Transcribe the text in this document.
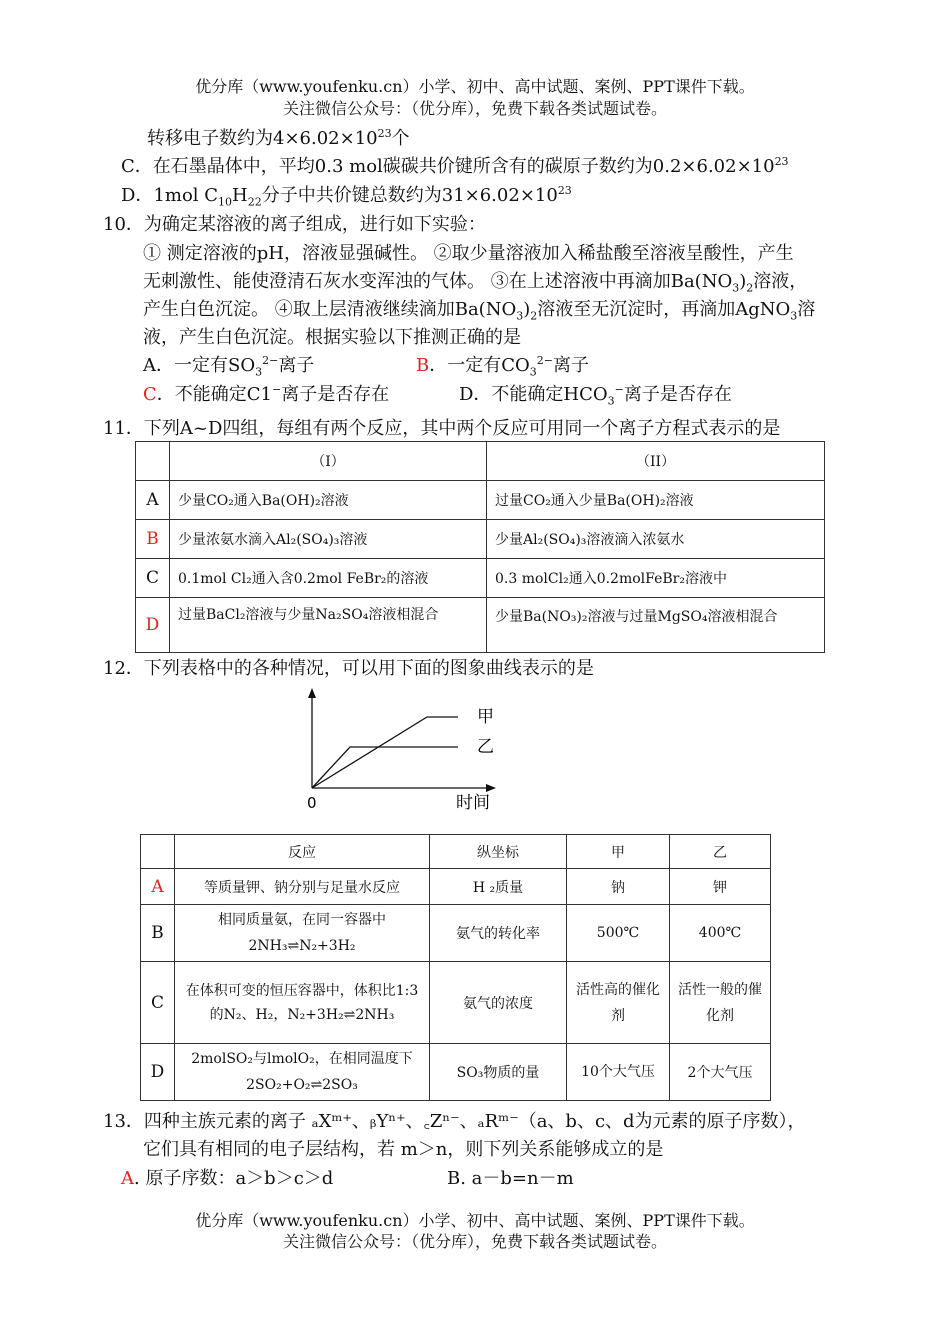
优分库（www.youfenku.cn）小学、初中、高中试题、案例、PPT课件下载。
关注微信公众号：（优分库），免费下载各类试题试卷。
转移电子数约为$4\times 6.02\times 10^{23}$个
C．在石墨晶体中，平均0.3 mol碳碳共价键所含有的碳原子数约为$0.2\times 6.02\times 10^{23}$
D．1mol $C_{10}H_{22}$分子中共价键总数约为$31\times 6.02\times 10^{23}$
10．为确定某溶液的离子组成，进行如下实验：
① 测定溶液的pH，溶液显强碱性。 ②取少量溶液加入稀盐酸至溶液呈酸性，产生
无刺激性、能使澄清石灰水变浑浊的气体。 ③在上述溶液中再滴加$Ba(NO_3)_2$溶液，
产生白色沉淀。 ④取上层清液继续滴加$Ba(NO_3)_2$溶液至无沉淀时，再滴加AgNO$_3$溶
液，产生白色沉淀。根据实验以下推测正确的是
A．一定有$SO_3^{2-}$离子	B．一定有$CO_3^{2-}$离子
C．不能确定C1−离子是否存在	D．不能确定$HCO_3^-$离子是否存在
11．下列A~D四组，每组有两个反应，其中两个反应可用同一个离子方程式表示的是
	（I）	（II）
A	少量CO₂通入Ba(OH)₂溶液	过量CO₂通入少量Ba(OH)₂溶液
B	少量浓氨水滴入Al₂(SO₄)₃溶液	少量Al₂(SO₄)₃溶液滴入浓氨水
C	0.1mol Cl₂通入含0.2mol FeBr₂的溶液	0.3 molCl₂通入0.2molFeBr₂溶液中
D	过量BaCl₂溶液与少量Na₂SO₄溶液相混合	少量Ba(NO₃)₂溶液与过量MgSO₄溶液相混合
12．下列表格中的各种情况，可以用下面的图象曲线表示的是
甲
乙
0	时间
	反应	纵坐标	甲	乙
A	等质量钾、钠分别与足量水反应	H ₂质量	钠	钾
B	相同质量氨，在同一容器中 2NH₃⇌N₂+3H₂	氨气的转化率	500℃	400℃
C	在体积可变的恒压容器中，体积比1:3的N₂、H₂，N₂+3H₂⇌2NH₃	氨气的浓度	活性高的催化剂	活性一般的催化剂
D	2molSO₂与lmolO₂，在相同温度下2SO₂+O₂⇌2SO₃	SO₃物质的量	10个大气压	2个大气压
13．四种主族元素的离子 ₐXᵐ⁺、ᵦYⁿ⁺、꜀Zⁿ⁻、ₐRᵐ⁻（a、b、c、d为元素的原子序数），
它们具有相同的电子层结构，若 m＞n，则下列关系能够成立的是
A. 原子序数：a＞b＞c＞d	B. a－b=n－m
优分库（www.youfenku.cn）小学、初中、高中试题、案例、PPT课件下载。
关注微信公众号：（优分库），免费下载各类试题试卷。
